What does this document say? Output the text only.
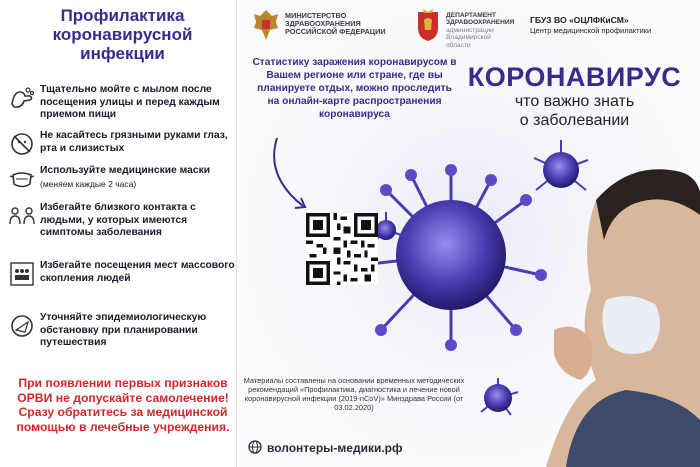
Профилактика коронавирусной инфекции
Тщательно мойте с мылом после посещения улицы и перед каждым приемом пищи
Не касайтесь грязными руками глаз, рта и слизистых
Используйте медицинские маски
(меняем каждые 2 часа)
Избегайте близкого контакта с людьми, у которых имеются симптомы заболевания
Избегайте посещения мест массового скопления людей
Уточняйте эпидемиологическую обстановку при планировании путешествия
При появлении первых признаков ОРВИ не допускайте самолечение! Сразу обратитесь за медицинской помощью в лечебные учреждения.
МИНИСТЕРСТВО ЗДРАВООХРАНЕНИЯ РОССИЙСКОЙ ФЕДЕРАЦИИ
ДЕПАРТАМЕНТ ЗДРАВООХРАНЕНИЯ
администрации Владимирской области
ГБУЗ ВО «ОЦЛФКиСМ»
Центр медицинской профилактики
Статистику заражения коронавирусом в Вашем регионе или стране, где вы планируете отдых, можно проследить на онлайн-карте распространения коронавируса
КОРОНАВИРУС
что важно знать
о заболевании
Материалы составлены на основании временных методических рекомендаций «Профилактика, диагностика и лечение новой коронавирусной инфекции (2019-nCoV)» Минздрава России (от 03.02.2020)
волонтеры-медики.рф
